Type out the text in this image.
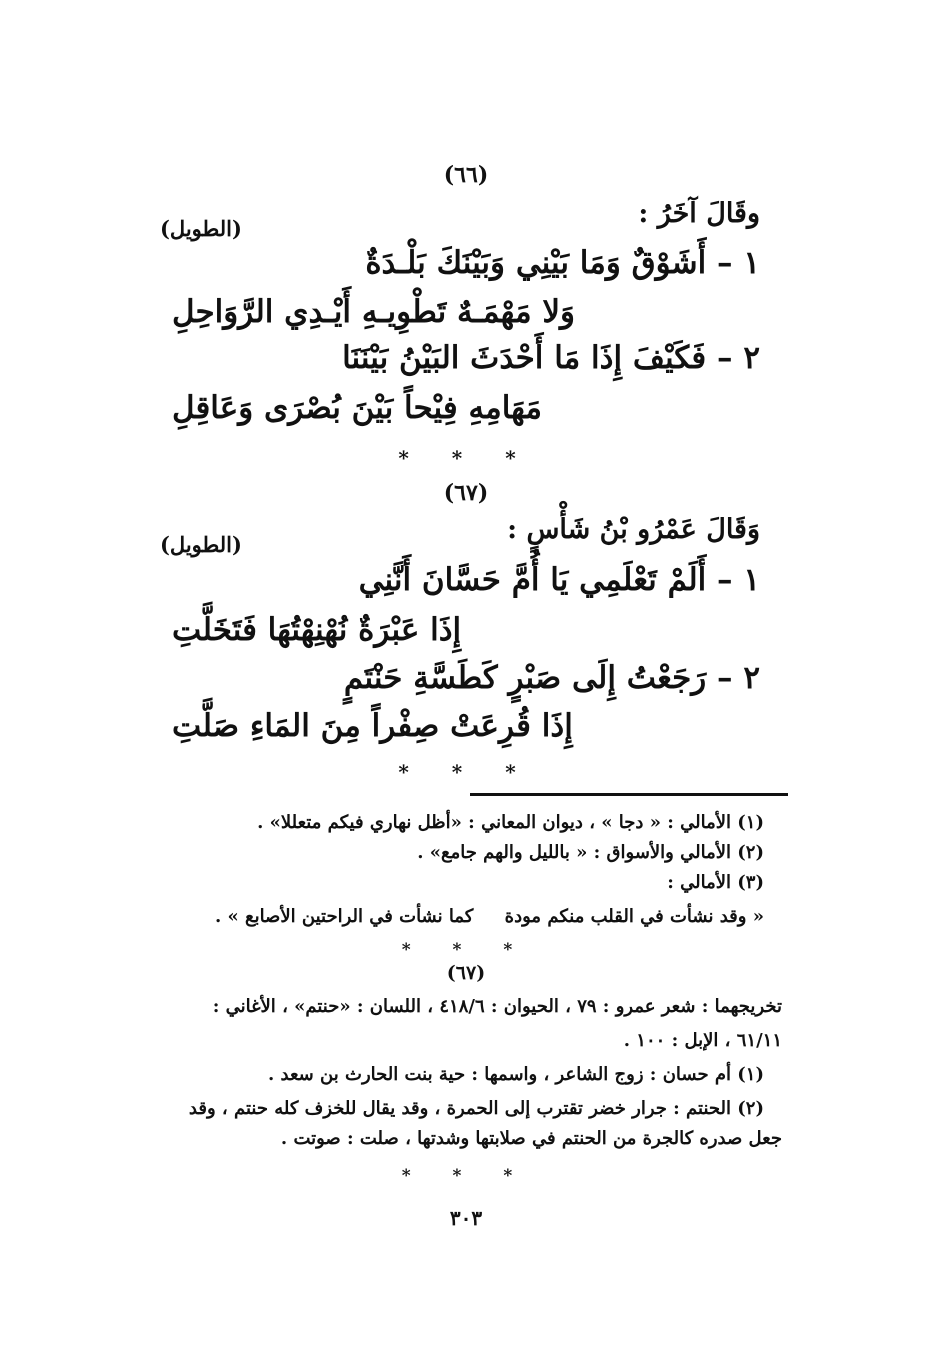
(٦٦)
وقَالَ آخَرُ :
(الطويل)
١ – أَشَوْقٌ وَمَا بَيْنِي وَبَيْنَكَ بَلْـدَةٌ
وَلا مَهْمَـهٌ تَطْوِيـهِ أَيْـدِي الرَّوَاحِلِ
٢ – فَكَيْفَ إِذَا مَا أَحْدَثَ البَيْنُ بَيْنَنَا
مَهَامِهِ فِيْحاً بَيْنَ بُصْرَى وَعَاقِلِ
* * *
(٦٧)
وَقَالَ عَمْرُو بْنُ شَأْسٍ :
(الطويل)
١ – أَلَمْ تَعْلَمِي يَا أُمَّ حَسَّانَ أَنَّنِي
إِذَا عَبْرَةٌ نُهْنِهْتُهَا فَتَخَلَّتِ
٢ – رَجَعْتُ إِلَى صَبْرٍ كَطَسَّةِ حَنْتَمٍ
إِذَا قُرِعَتْ صِفْراً مِنَ المَاءِ صَلَّتِ
* * *
(١) الأمالي : « دجا » ، ديوان المعاني : «أظل نهاري فيكم متعللا» .
(٢) الأمالي والأسواق : « بالليل والهم جامع» .
(٣) الأمالي :
« وقد نشأت في القلب منكم مودة     كما نشأت في الراحتين الأصابع » .
* * *
(٦٧)
تخريجهما : شعر عمرو : ٧٩ ، الحيوان : ٤١٨/٦ ، اللسان : «حنتم» ، الأغاني :
٦١/١١ ، الإبل : ١٠٠ .
(١) أم حسان : زوج الشاعر ، واسمها : حية بنت الحارث بن سعد .
(٢) الحنتم : جرار خضر تقترب إلى الحمرة ، وقد يقال للخزف كله حنتم ، وقد
جعل صدره كالجرة من الحنتم في صلابتها وشدتها ، صلت : صوتت .
* * *
٣٠٣
